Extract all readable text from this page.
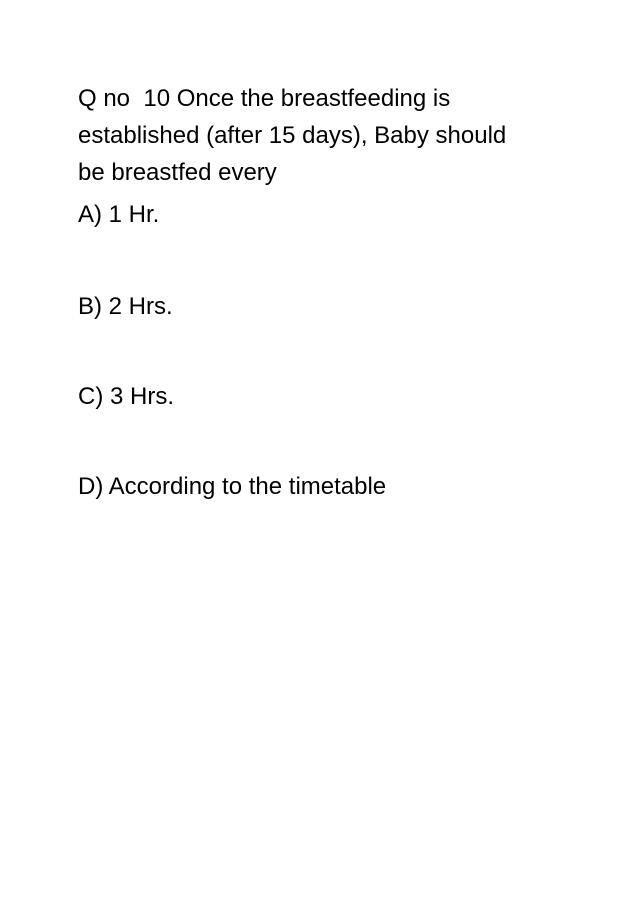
Q no  10 Once the breastfeeding is
established (after 15 days), Baby should
be breastfed every

A) 1 Hr.

B) 2 Hrs.

C) 3 Hrs.

D) According to the timetable
